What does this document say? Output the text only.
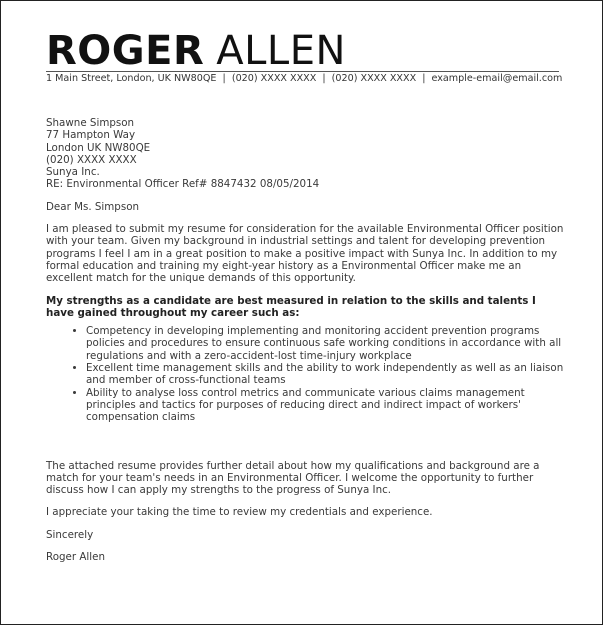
ROGER ALLEN
1 Main Street, London, UK NW80QE | (020) XXXX XXXX | (020) XXXX XXXX | example-email@email.com

Shawne Simpson
77 Hampton Way
London UK NW80QE
(020) XXXX XXXX
Sunya Inc.

RE: Environmental Officer Ref# 8847432 08/05/2014

Dear Ms. Simpson

I am pleased to submit my resume for consideration for the available Environmental Officer position with your team. Given my background in industrial settings and talent for developing prevention programs I feel I am in a great position to make a positive impact with Sunya Inc. In addition to my formal education and training my eight-year history as a Environmental Officer make me an excellent match for the unique demands of this opportunity.

My strengths as a candidate are best measured in relation to the skills and talents I have gained throughout my career such as:

• Competency in developing implementing and monitoring accident prevention programs policies and procedures to ensure continuous safe working conditions in accordance with all regulations and with a zero-accident-lost time-injury workplace
• Excellent time management skills and the ability to work independently as well as an liaison and member of cross-functional teams
• Ability to analyse loss control metrics and communicate various claims management principles and tactics for purposes of reducing direct and indirect impact of workers' compensation claims

The attached resume provides further detail about how my qualifications and background are a match for your team's needs in an Environmental Officer. I welcome the opportunity to further discuss how I can apply my strengths to the progress of Sunya Inc.

I appreciate your taking the time to review my credentials and experience.

Sincerely

Roger Allen
